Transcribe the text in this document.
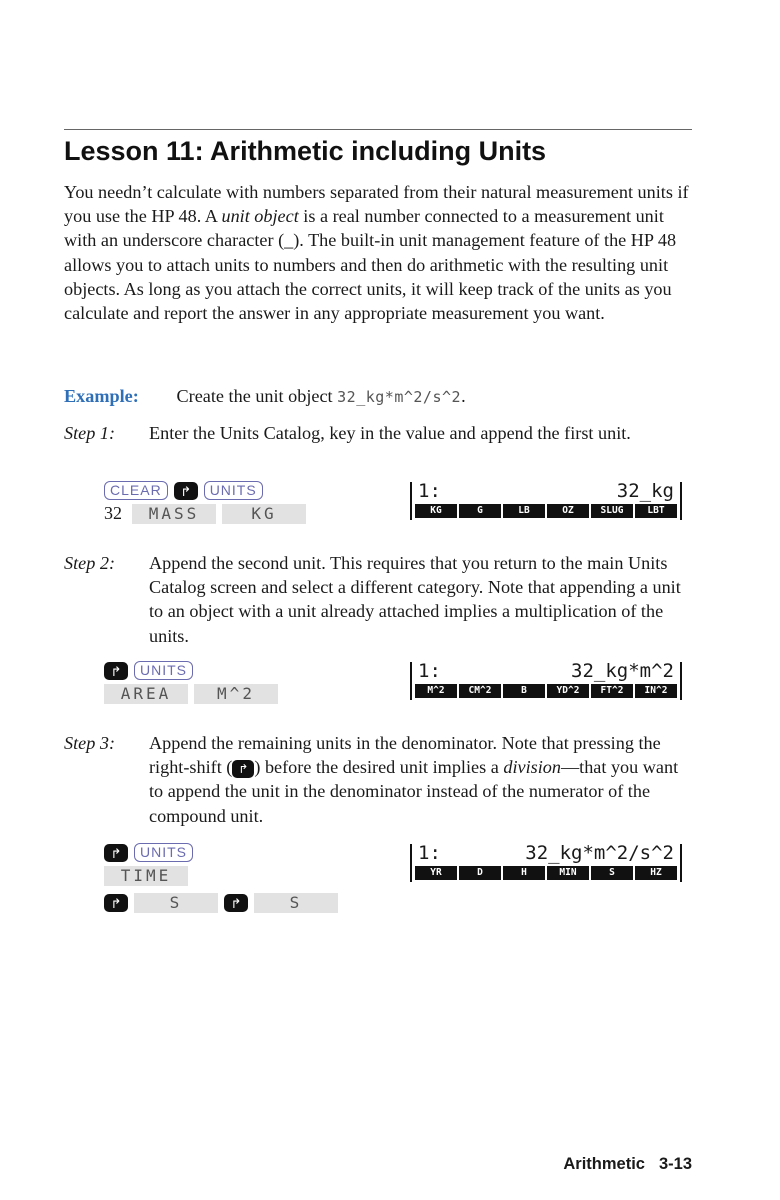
Lesson 11: Arithmetic including Units
You needn’t calculate with numbers separated from their natural measurement units if you use the HP 48. A unit object is a real number connected to a measurement unit with an underscore character (_). The built-in unit management feature of the HP 48 allows you to attach units to numbers and then do arithmetic with the resulting unit objects. As long as you attach the correct units, it will keep track of the units as you calculate and report the answer in any appropriate measurement you want.
Example: Create the unit object 32_kg*m^2/s^2.
Step 1: Enter the Units Catalog, key in the value and append the first unit.
CLEAR	↱	UNITS
32	MASS	KG
1:	32_kg
KG	G	LB	OZ	SLUG	LBT
Step 2: Append the second unit. This requires that you return to the main Units Catalog screen and select a different category. Note that appending a unit to an object with a unit already attached implies a multiplication of the units.
↱	UNITS
AREA	M^2
1:	32_kg*m^2
M^2	CM^2	B	YD^2	FT^2	IN^2
Step 3: Append the remaining units in the denominator. Note that pressing the right-shift ( ↱ ) before the desired unit implies a division—that you want to append the unit in the denominator instead of the numerator of the compound unit.
↱	UNITS
TIME
↱	S	↱	S
1:	32_kg*m^2/s^2
YR	D	H	MIN	S	HZ
Arithmetic 3-13
